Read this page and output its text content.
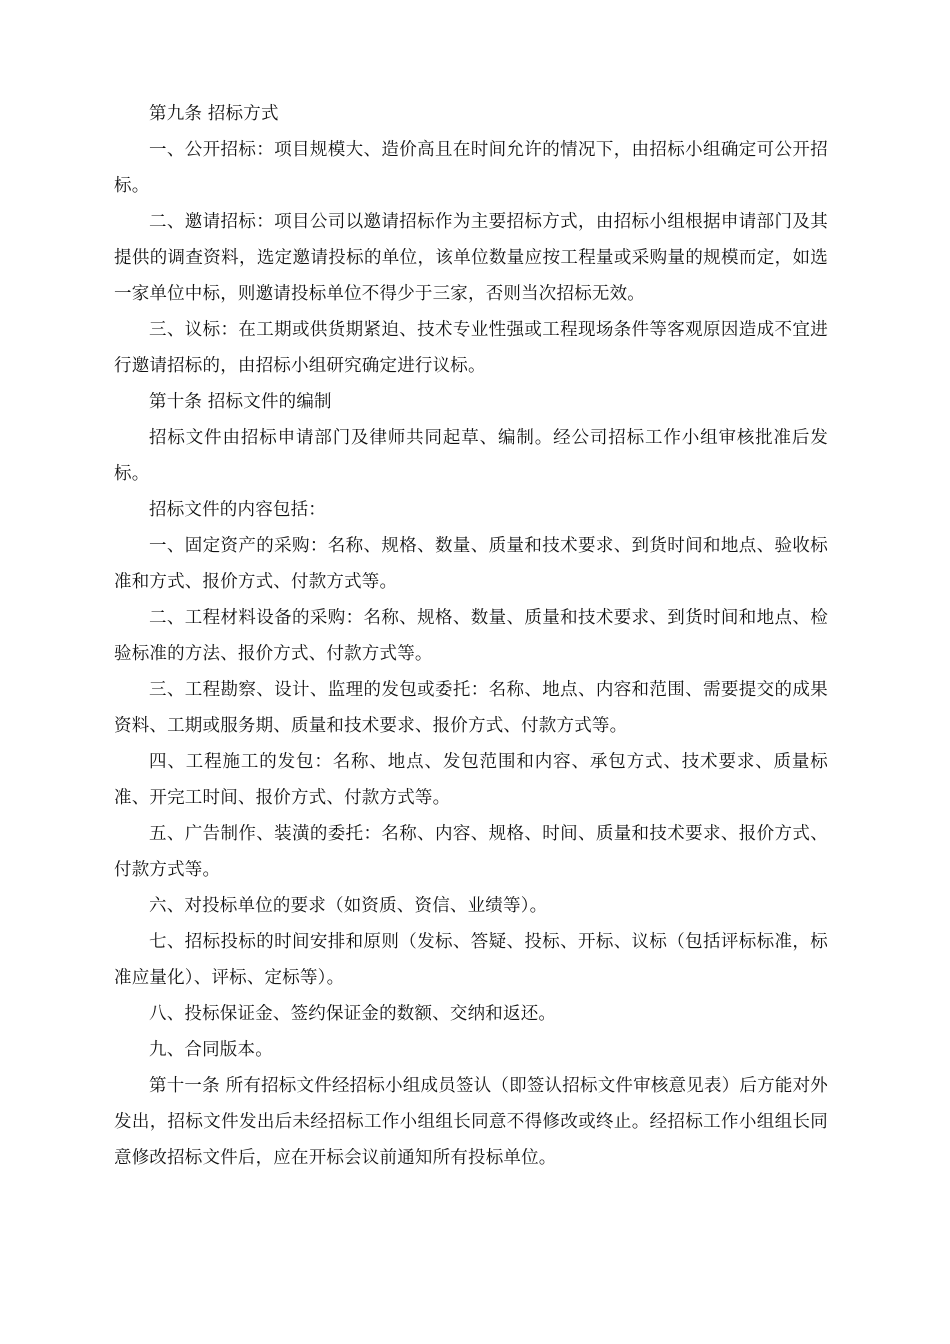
第九条 招标方式

一、公开招标：项目规模大、造价高且在时间允许的情况下，由招标小组确定可公开招标。

二、邀请招标：项目公司以邀请招标作为主要招标方式，由招标小组根据申请部门及其提供的调查资料，选定邀请投标的单位，该单位数量应按工程量或采购量的规模而定，如选一家单位中标，则邀请投标单位不得少于三家，否则当次招标无效。

三、议标：在工期或供货期紧迫、技术专业性强或工程现场条件等客观原因造成不宜进行邀请招标的，由招标小组研究确定进行议标。

第十条 招标文件的编制

招标文件由招标申请部门及律师共同起草、编制。经公司招标工作小组审核批准后发标。

招标文件的内容包括：

一、固定资产的采购：名称、规格、数量、质量和技术要求、到货时间和地点、验收标准和方式、报价方式、付款方式等。

二、工程材料设备的采购：名称、规格、数量、质量和技术要求、到货时间和地点、检验标准的方法、报价方式、付款方式等。

三、工程勘察、设计、监理的发包或委托：名称、地点、内容和范围、需要提交的成果资料、工期或服务期、质量和技术要求、报价方式、付款方式等。

四、工程施工的发包：名称、地点、发包范围和内容、承包方式、技术要求、质量标准、开完工时间、报价方式、付款方式等。

五、广告制作、装潢的委托：名称、内容、规格、时间、质量和技术要求、报价方式、付款方式等。

六、对投标单位的要求（如资质、资信、业绩等）。

七、招标投标的时间安排和原则（发标、答疑、投标、开标、议标（包括评标标准，标准应量化）、评标、定标等）。

八、投标保证金、签约保证金的数额、交纳和返还。

九、合同版本。

第十一条 所有招标文件经招标小组成员签认（即签认招标文件审核意见表）后方能对外发出，招标文件发出后未经招标工作小组组长同意不得修改或终止。经招标工作小组组长同意修改招标文件后，应在开标会议前通知所有投标单位。
